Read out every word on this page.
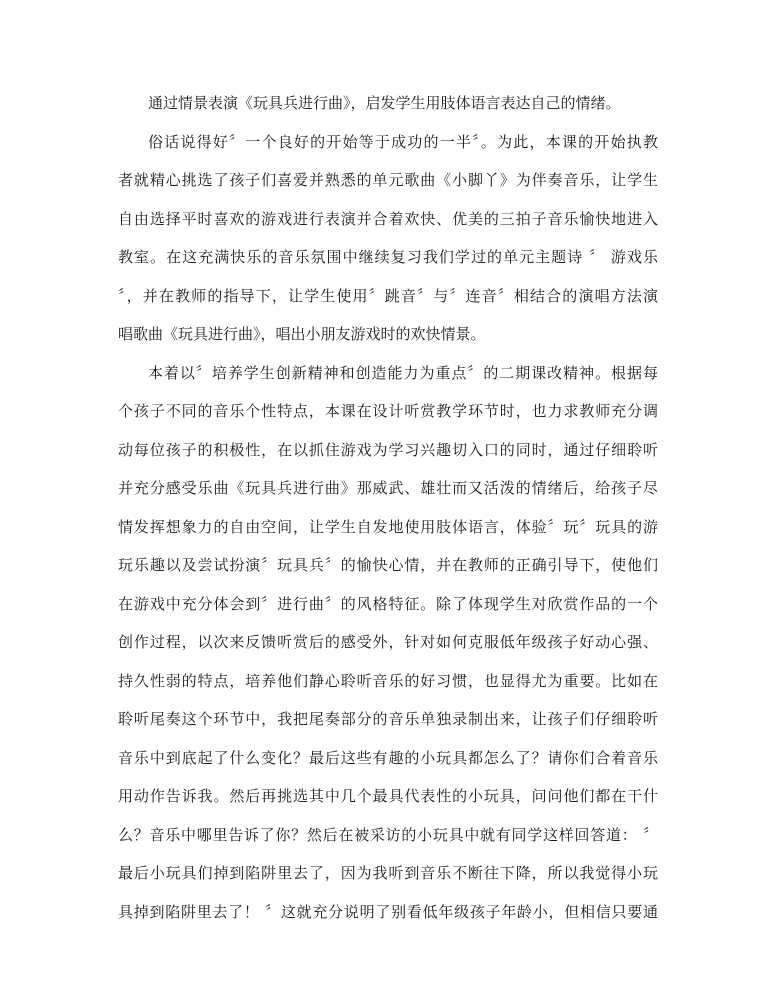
通过情景表演《玩具兵进行曲》，启发学生用肢体语言表达自己的情绪。
俗话说得好〞一个良好的开始等于成功的一半〞。为此，本课的开始执教
者就精心挑选了孩子们喜爱并熟悉的单元歌曲《小脚丫》为伴奏音乐，让学生
自由选择平时喜欢的游戏进行表演并合着欢快、优美的三拍子音乐愉快地进入
教室。在这充满快乐的音乐氛围中继续复习我们学过的单元主题诗 〞 游戏乐
〞，并在教师的指导下，让学生使用〞跳音〞与〞连音〞相结合的演唱方法演
唱歌曲《玩具进行曲》，唱出小朋友游戏时的欢快情景。
本着以〞培养学生创新精神和创造能力为重点〞的二期课改精神。根据每
个孩子不同的音乐个性特点，本课在设计听赏教学环节时，也力求教师充分调
动每位孩子的积极性，在以抓住游戏为学习兴趣切入口的同时，通过仔细聆听
并充分感受乐曲《玩具兵进行曲》那威武、雄壮而又活泼的情绪后，给孩子尽
情发挥想象力的自由空间，让学生自发地使用肢体语言，体验〞玩〞玩具的游
玩乐趣以及尝试扮演〞玩具兵〞的愉快心情，并在教师的正确引导下，使他们
在游戏中充分体会到〞进行曲〞的风格特征。除了体现学生对欣赏作品的一个
创作过程，以次来反馈听赏后的感受外，针对如何克服低年级孩子好动心强、
持久性弱的特点，培养他们静心聆听音乐的好习惯，也显得尤为重要。比如在
聆听尾奏这个环节中，我把尾奏部分的音乐单独录制出来，让孩子们仔细聆听
音乐中到底起了什么变化？最后这些有趣的小玩具都怎么了？请你们合着音乐
用动作告诉我。然后再挑选其中几个最具代表性的小玩具，问问他们都在干什
么？音乐中哪里告诉了你？然后在被采访的小玩具中就有同学这样回答道： 〞
最后小玩具们掉到陷阱里去了，因为我听到音乐不断往下降，所以我觉得小玩
具掉到陷阱里去了！ 〞这就充分说明了别看低年级孩子年龄小，但相信只要通
